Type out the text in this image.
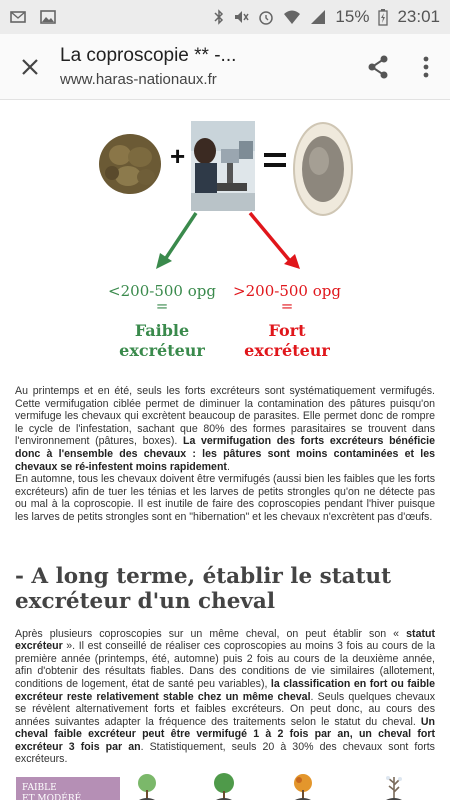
15% 23:01
La coproscopie ** -...
www.haras-nationaux.fr
+
<200-500 opg
=
Faible
excréteur
>200-500 opg
=
Fort
excréteur

Au printemps et en été, seuls les forts excréteurs sont systématiquement vermifugés. Cette vermifugation ciblée permet de diminuer la contamination des pâtures puisqu'on vermifuge les chevaux qui excrètent beaucoup de parasites. Elle permet donc de rompre le cycle de l'infestation, sachant que 80% des formes parasitaires se trouvent dans l'environnement (pâtures, boxes). La vermifugation des forts excréteurs bénéficie donc à l'ensemble des chevaux : les pâtures sont moins contaminées et les chevaux se ré-infestent moins rapidement.

En automne, tous les chevaux doivent être vermifugés (aussi bien les faibles que les forts excréteurs) afin de tuer les ténias et les larves de petits strongles qu'on ne détecte pas ou mal à la coproscopie. Il est inutile de faire des coproscopies pendant l'hiver puisque les larves de petits strongles sont en "hibernation" et les chevaux n'excrètent pas d'œufs.

- A long terme, établir le statut excréteur d'un cheval

Après plusieurs coproscopies sur un même cheval, on peut établir son « statut excréteur ». Il est conseillé de réaliser ces coproscopies au moins 3 fois au cours de la première année (printemps, été, automne) puis 2 fois au cours de la deuxième année, afin d'obtenir des résultats fiables. Dans des conditions de vie similaires (allotement, conditions de logement, état de santé peu variables), la classification en fort ou faible excréteur reste relativement stable chez un même cheval. Seuls quelques chevaux se révèlent alternativement forts et faibles excréteurs. On peut donc, au cours des années suivantes adapter la fréquence des traitements selon le statut du cheval. Un cheval faible excréteur peut être vermifugé 1 à 2 fois par an, un cheval fort excréteur 3 fois par an. Statistiquement, seuls 20 à 30% des chevaux sont forts excréteurs.

FAIBLE
ET MODÉRÉ
